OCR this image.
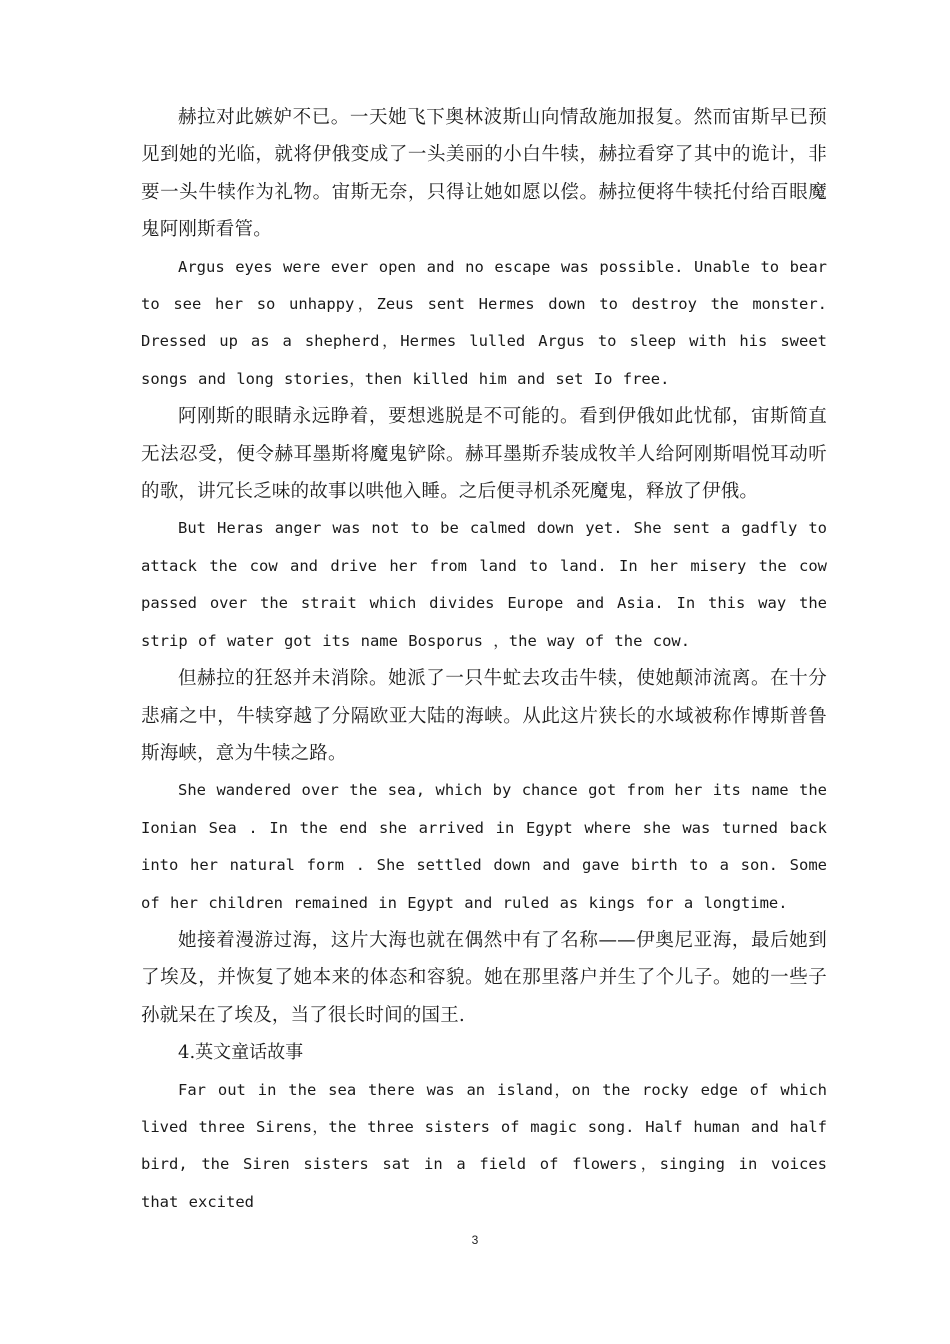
赫拉对此嫉妒不已。一天她飞下奥林波斯山向情敌施加报复。然而宙斯早已预见到她的光临，就将伊俄变成了一头美丽的小白牛犊，赫拉看穿了其中的诡计，非要一头牛犊作为礼物。宙斯无奈，只得让她如愿以偿。赫拉便将牛犊托付给百眼魔鬼阿刚斯看管。

Argus eyes were ever open and no escape was possible. Unable to bear to see her so unhappy，Zeus sent Hermes down to destroy the monster. Dressed up as a shepherd，Hermes lulled Argus to sleep with his sweet songs and long stories，then killed him and set Io free.

阿刚斯的眼睛永远睁着，要想逃脱是不可能的。看到伊俄如此忧郁，宙斯简直无法忍受，便令赫耳墨斯将魔鬼铲除。赫耳墨斯乔装成牧羊人给阿刚斯唱悦耳动听的歌，讲冗长乏味的故事以哄他入睡。之后便寻机杀死魔鬼，释放了伊俄。

But Heras anger was not to be calmed down yet. She sent a gadfly to attack the cow and drive her from land to land. In her misery the cow passed over the strait which divides Europe and Asia. In this way the strip of water got its name Bosporus ，the way of the cow.

但赫拉的狂怒并未消除。她派了一只牛虻去攻击牛犊，使她颠沛流离。在十分悲痛之中，牛犊穿越了分隔欧亚大陆的海峡。从此这片狭长的水域被称作博斯普鲁斯海峡，意为牛犊之路。

She wandered over the sea, which by chance got from her its name the Ionian Sea . In the end she arrived in Egypt where she was turned back into her natural form . She settled down and gave birth to a son. Some of her children remained in Egypt and ruled as kings for a longtime.

她接着漫游过海，这片大海也就在偶然中有了名称——伊奥尼亚海，最后她到了埃及，并恢复了她本来的体态和容貌。她在那里落户并生了个儿子。她的一些子孙就呆在了埃及，当了很长时间的国王.

4.英文童话故事

Far out in the sea there was an island，on the rocky edge of which lived three Sirens，the three sisters of magic song. Half human and half bird, the Siren sisters sat in a field of flowers，singing in voices that excited

3
